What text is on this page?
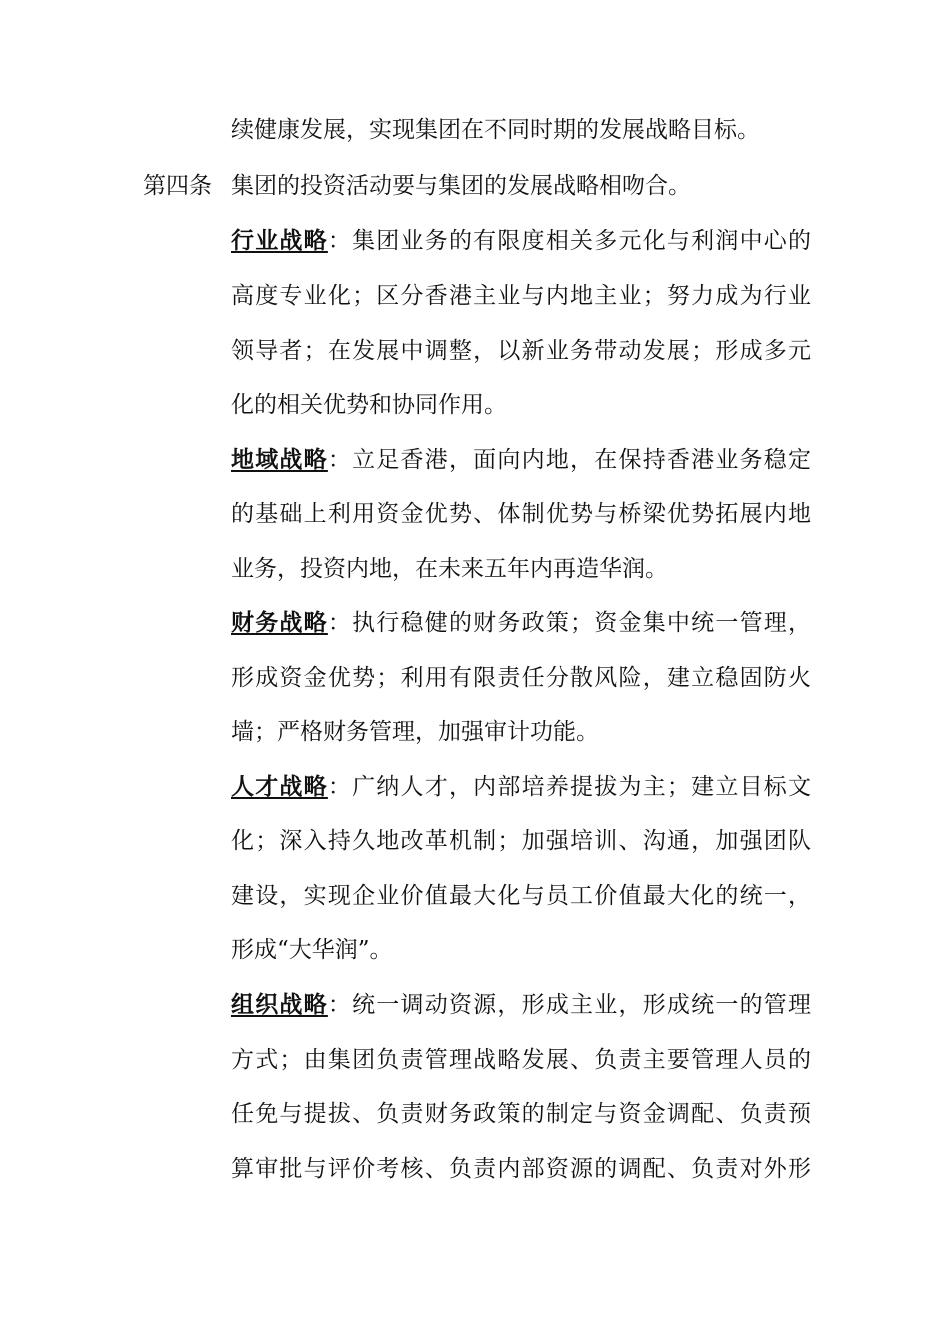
续健康发展，实现集团在不同时期的发展战略目标。
第四条 集团的投资活动要与集团的发展战略相吻合。
行业战略：集团业务的有限度相关多元化与利润中心的
高度专业化；区分香港主业与内地主业；努力成为行业
领导者；在发展中调整，以新业务带动发展；形成多元
化的相关优势和协同作用。
地域战略：立足香港，面向内地，在保持香港业务稳定
的基础上利用资金优势、体制优势与桥梁优势拓展内地
业务，投资内地，在未来五年内再造华润。
财务战略：执行稳健的财务政策；资金集中统一管理，
形成资金优势；利用有限责任分散风险，建立稳固防火
墙；严格财务管理，加强审计功能。
人才战略：广纳人才，内部培养提拔为主；建立目标文
化；深入持久地改革机制；加强培训、沟通，加强团队
建设，实现企业价值最大化与员工价值最大化的统一，
形成“大华润”。
组织战略：统一调动资源，形成主业，形成统一的管理
方式；由集团负责管理战略发展、负责主要管理人员的
任免与提拔、负责财务政策的制定与资金调配、负责预
算审批与评价考核、负责内部资源的调配、负责对外形
